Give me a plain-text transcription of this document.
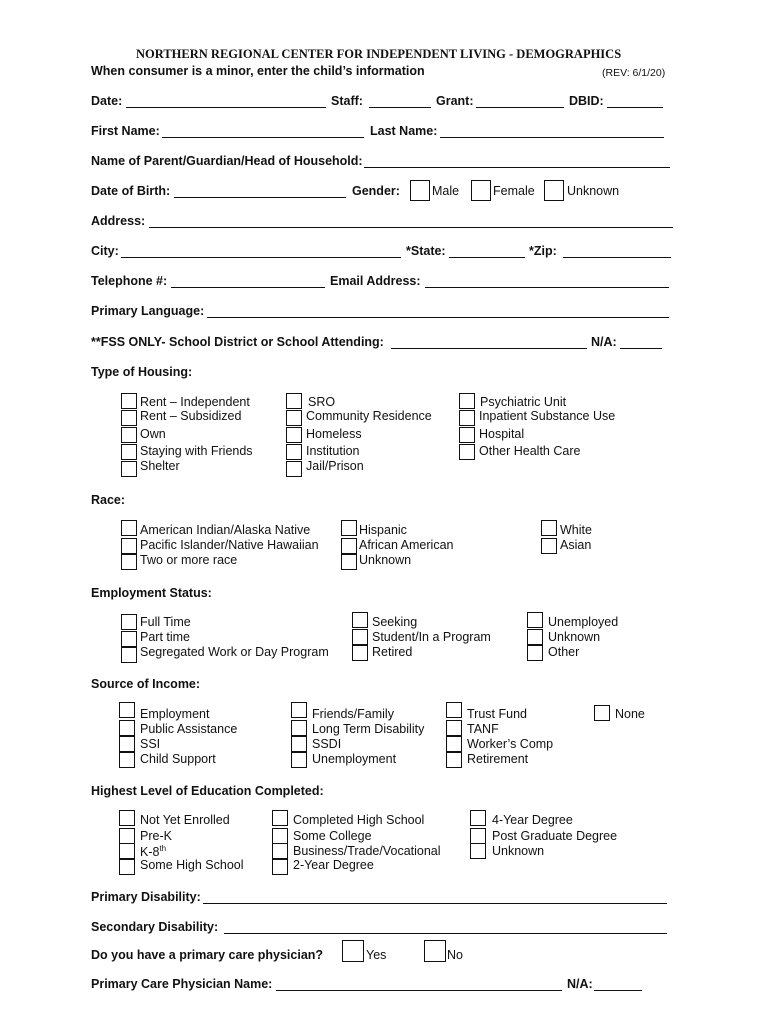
NORTHERN REGIONAL CENTER FOR INDEPENDENT LIVING - DEMOGRAPHICS
When consumer is a minor, enter the child’s information	(REV: 6/1/20)
Date:	Staff:	Grant:	DBID:
First Name:	Last Name:
Name of Parent/Guardian/Head of Household:
Date of Birth:	Gender:	Male	Female	Unknown
Address:
City:	*State:	*Zip:
Telephone #:	Email Address:
Primary Language:
**FSS ONLY- School District or School Attending:	N/A:
Type of Housing:
Rent – Independent
Rent – Subsidized
Own
Staying with Friends
Shelter
SRO
Community Residence
Homeless
Institution
Jail/Prison
Psychiatric Unit
Inpatient Substance Use
Hospital
Other Health Care
Race:
American Indian/Alaska Native
Pacific Islander/Native Hawaiian
Two or more race
Hispanic
African American
Unknown
White
Asian
Employment Status:
Full Time
Part time
Segregated Work or Day Program
Seeking
Student/In a Program
Retired
Unemployed
Unknown
Other
Source of Income:
Employment
Public Assistance
SSI
Child Support
Friends/Family
Long Term Disability
SSDI
Unemployment
Trust Fund
TANF
Worker’s Comp
Retirement
None
Highest Level of Education Completed:
Not Yet Enrolled
Pre-K
K-8th
Some High School
Completed High School
Some College
Business/Trade/Vocational
2-Year Degree
4-Year Degree
Post Graduate Degree
Unknown
Primary Disability:
Secondary Disability:
Do you have a primary care physician?	Yes	No
Primary Care Physician Name:	N/A:
